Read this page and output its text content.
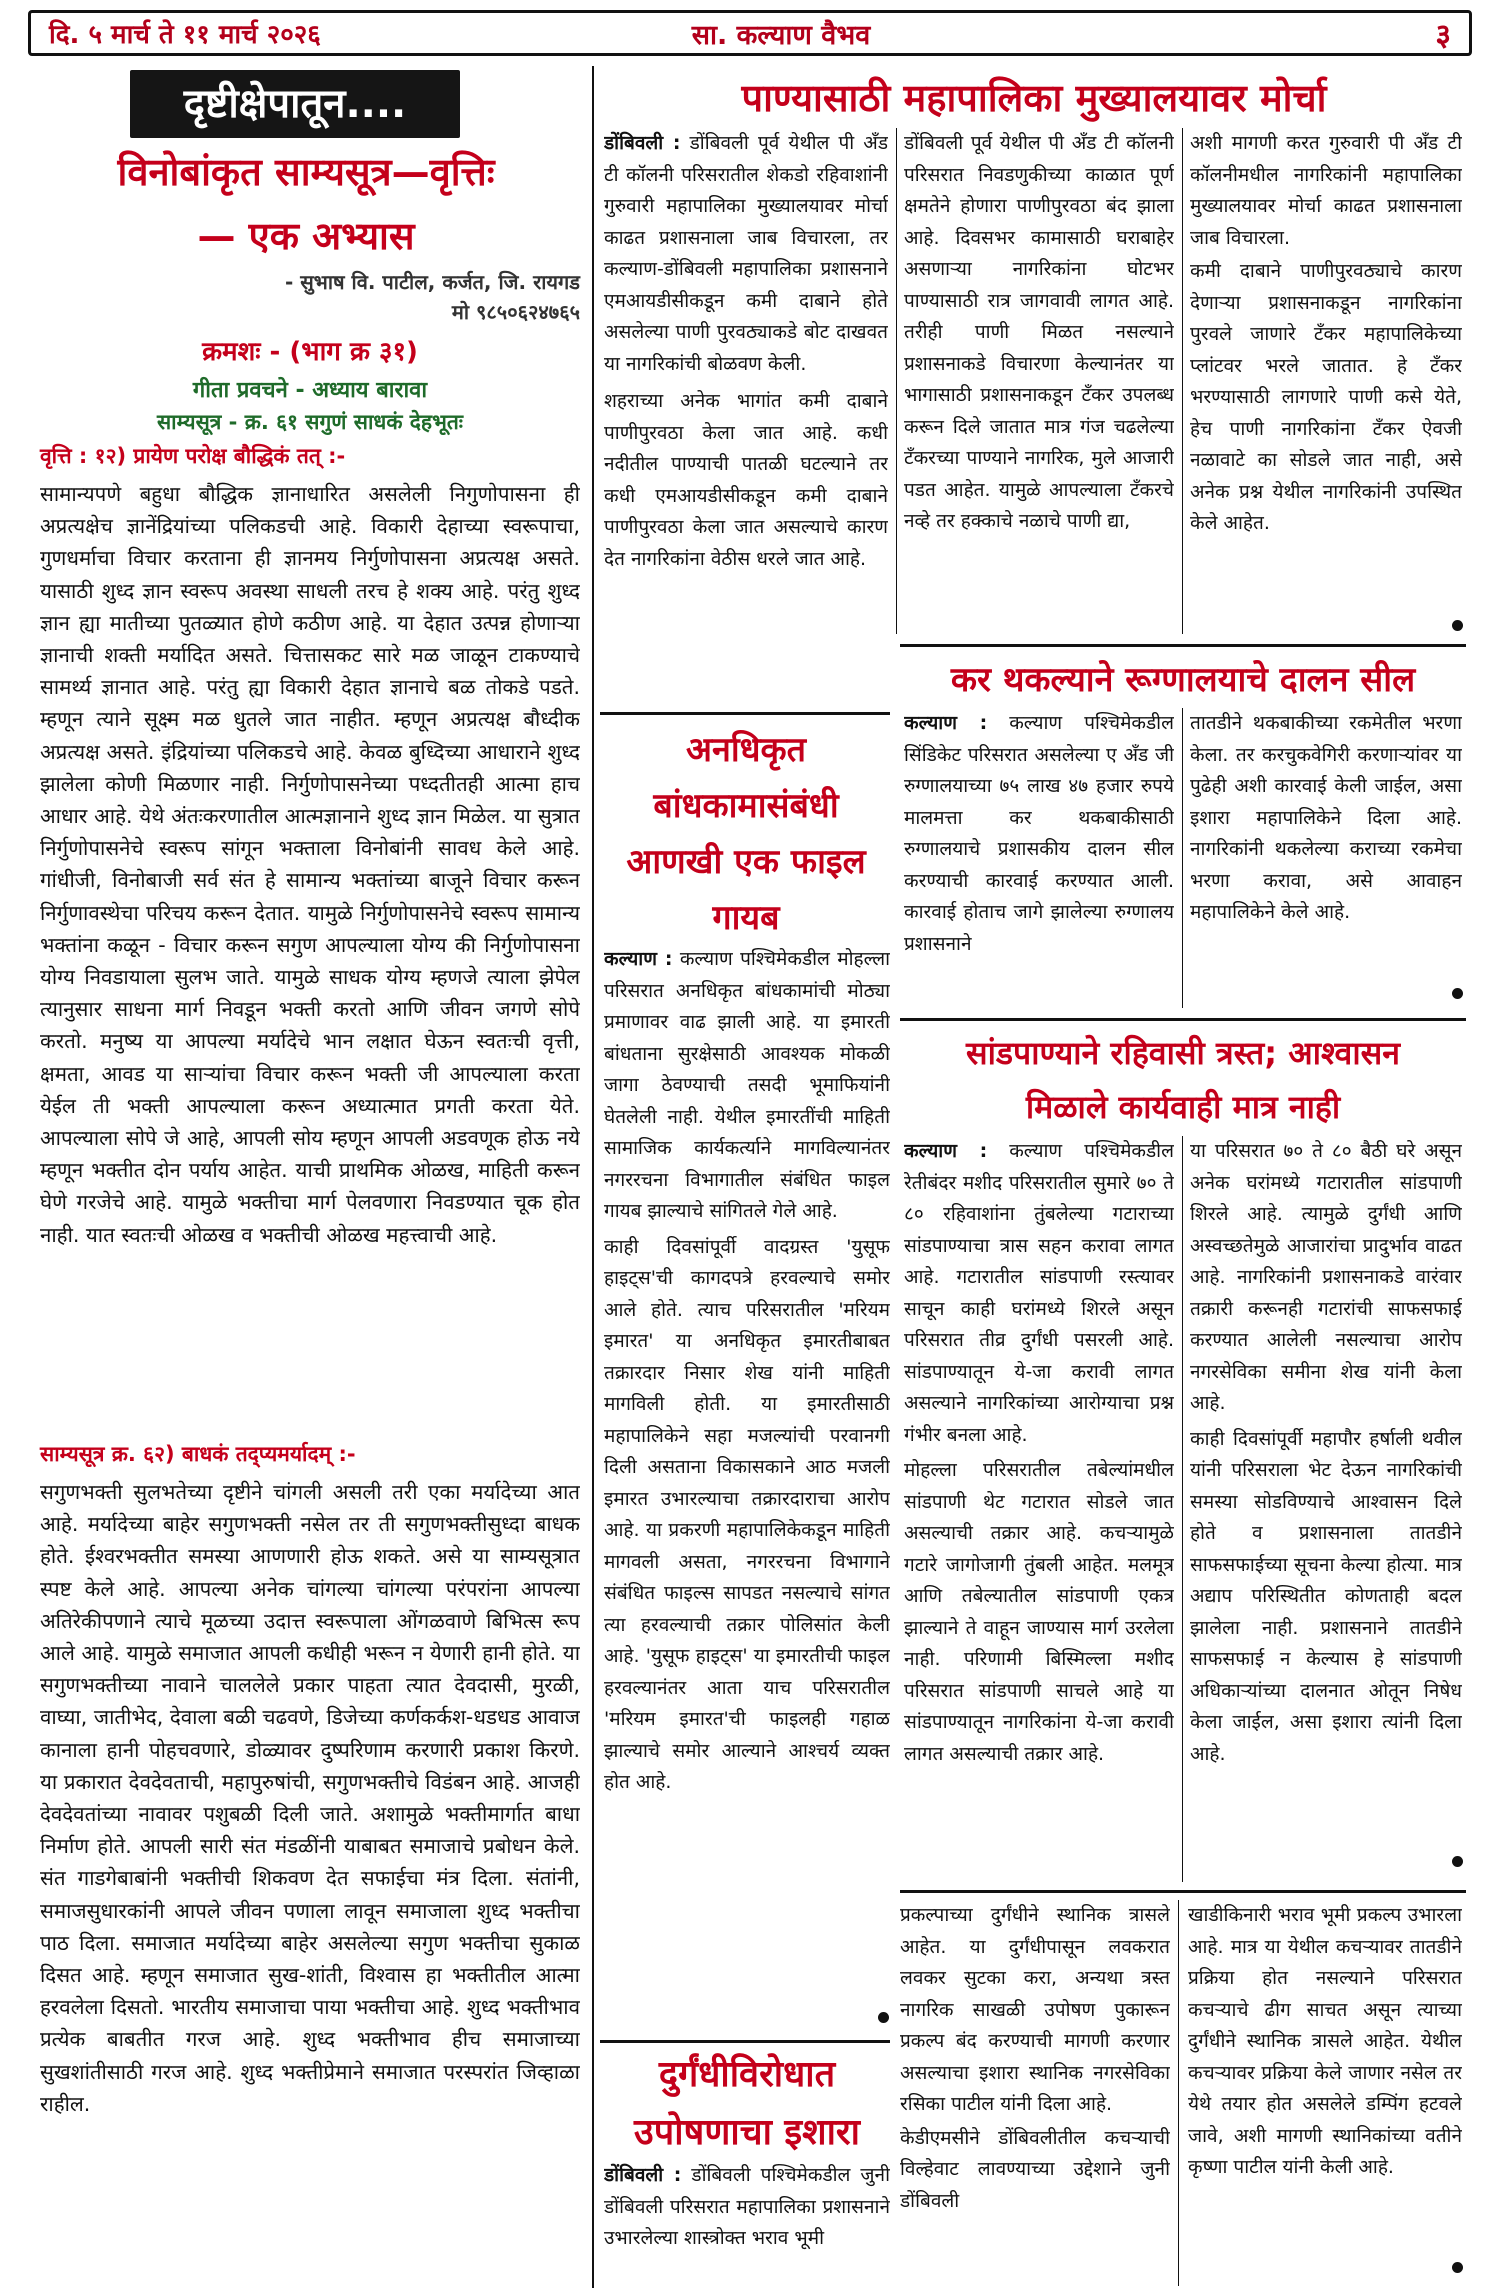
दि. ५ मार्च ते ११ मार्च २०२६	सा. कल्याण वैभव	३
दृष्टीक्षेपातून....
विनोबांकृत साम्यसूत्र—वृत्तिः
— एक अभ्यास
- सुभाष वि. पाटील, कर्जत, जि. रायगड
मो ९८५०६२४७६५
क्रमशः - (भाग क्र ३१)
गीता प्रवचने - अध्याय बारावा
साम्यसूत्र - क्र. ६१ सगुणं साधकं देहभूतः
वृत्ति : १२) प्रायेण परोक्ष बौद्धिकं तत् :-

सामान्यपणे बहुधा बौद्धिक ज्ञानाधारित असलेली निगुणोपासना ही अप्रत्यक्षेच ज्ञानेंद्रियांच्या पलिकडची आहे. विकारी देहाच्या स्वरूपाचा, गुणधर्माचा विचार करताना ही ज्ञानमय निर्गुणोपासना अप्रत्यक्ष असते. यासाठी शुध्द ज्ञान स्वरूप अवस्था साधली तरच हे शक्य आहे. परंतु शुध्द ज्ञान ह्या मातीच्या पुतळ्यात होणे कठीण आहे. या देहात उत्पन्न होणाऱ्या ज्ञानाची शक्ती मर्यादित असते. चित्तासकट सारे मळ जाळून टाकण्याचे सामर्थ्य ज्ञानात आहे. परंतु ह्या विकारी देहात ज्ञानाचे बळ तोकडे पडते. म्हणून त्याने सूक्ष्म मळ धुतले जात नाहीत. म्हणून अप्रत्यक्ष बौध्दीक अप्रत्यक्ष असते. इंद्रियांच्या पलिकडचे आहे. केवळ बुध्दिच्या आधाराने शुध्द झालेला कोणी मिळणार नाही. निर्गुणोपासनेच्या पध्दतीतही आत्मा हाच आधार आहे. येथे अंतःकरणातील आत्मज्ञानाने शुध्द ज्ञान मिळेल. या सुत्रात निर्गुणोपासनेचे स्वरूप सांगून भक्ताला विनोबांनी सावध केले आहे. गांधीजी, विनोबाजी सर्व संत हे सामान्य भक्तांच्या बाजूने विचार करून निर्गुणावस्थेचा परिचय करून देतात. यामुळे निर्गुणोपासनेचे स्वरूप सामान्य भक्तांना कळून - विचार करून सगुण आपल्याला योग्य की निर्गुणोपासना योग्य निवडायाला सुलभ जाते. यामुळे साधक योग्य म्हणजे त्याला झेपेल त्यानुसार साधना मार्ग निवडून भक्ती करतो आणि जीवन जगणे सोपे करतो. मनुष्य या आपल्या मर्यादेचे भान लक्षात घेऊन स्वतःची वृत्ती, क्षमता, आवड या साऱ्यांचा विचार करून भक्ती जी आपल्याला करता येईल ती भक्ती आपल्याला करून अध्यात्मात प्रगती करता येते. आपल्याला सोपे जे आहे, आपली सोय म्हणून आपली अडवणूक होऊ नये म्हणून भक्तीत दोन पर्याय आहेत. याची प्राथमिक ओळख, माहिती करून घेणे गरजेचे आहे. यामुळे भक्तीचा मार्ग पेलवणारा निवडण्यात चूक होत नाही. यात स्वतःची ओळख व भक्तीची ओळख महत्त्वाची आहे.

साम्यसूत्र क्र. ६२) बाधकं तद्प्यमर्यादम् :-

सगुणभक्ती सुलभतेच्या दृष्टीने चांगली असली तरी एका मर्यादेच्या आत आहे. मर्यादेच्या बाहेर सगुणभक्ती नसेल तर ती सगुणभक्तीसुध्दा बाधक होते. ईश्वरभक्तीत समस्या आणणारी होऊ शकते. असे या साम्यसूत्रात स्पष्ट केले आहे. आपल्या अनेक चांगल्या चांगल्या परंपरांना आपल्या अतिरेकीपणाने त्याचे मूळच्या उदात्त स्वरूपाला ओंगळवाणे बिभित्स रूप आले आहे. यामुळे समाजात आपली कधीही भरून न येणारी हानी होते. या सगुणभक्तीच्या नावाने चाललेले प्रकार पाहता त्यात देवदासी, मुरळी, वाघ्या, जातीभेद, देवाला बळी चढवणे, डिजेच्या कर्णकर्कश-धडधड आवाज कानाला हानी पोहचवणारे, डोळ्यावर दुष्परिणाम करणारी प्रकाश किरणे. या प्रकारात देवदेवताची, महापुरुषांची, सगुणभक्तीचे विडंबन आहे. आजही देवदेवतांच्या नावावर पशुबळी दिली जाते. अशामुळे भक्तीमार्गात बाधा निर्माण होते. आपली सारी संत मंडळींनी याबाबत समाजाचे प्रबोधन केले. संत गाडगेबाबांनी भक्तीची शिकवण देत सफाईचा मंत्र दिला. संतांनी, समाजसुधारकांनी आपले जीवन पणाला लावून समाजाला शुध्द भक्तीचा पाठ दिला. समाजात मर्यादेच्या बाहेर असलेल्या सगुण भक्तीचा सुकाळ दिसत आहे. म्हणून समाजात सुख-शांती, विश्वास हा भक्तीतील आत्मा हरवलेला दिसतो. भारतीय समाजाचा पाया भक्तीचा आहे. शुध्द भक्तीभाव प्रत्येक बाबतीत गरज आहे. शुध्द भक्तीभाव हीच समाजाच्या सुखशांतीसाठी गरज आहे. शुध्द भक्तीप्रेमाने समाजात परस्परांत जिव्हाळा राहील.

पाण्यासाठी महापालिका मुख्यालयावर मोर्चा

डोंबिवली : डोंबिवली पूर्व येथील पी अँड टी कॉलनी परिसरातील शेकडो रहिवाशांनी गुरुवारी महापालिका मुख्यालयावर मोर्चा काढत प्रशासनाला जाब विचारला, तर कल्याण-डोंबिवली महापालिका प्रशासनाने एमआयडीसीकडून कमी दाबाने होते असलेल्या पाणी पुरवठ्याकडे बोट दाखवत या नागरिकांची बोळवण केली.

शहराच्या अनेक भागांत कमी दाबाने पाणीपुरवठा केला जात आहे. कधी नदीतील पाण्याची पातळी घटल्याने तर कधी एमआयडीसीकडून कमी दाबाने पाणीपुरवठा केला जात असल्याचे कारण देत नागरिकांना वेठीस धरले जात आहे.

डोंबिवली पूर्व येथील पी अँड टी कॉलनी परिसरात निवडणुकीच्या काळात पूर्ण क्षमतेने होणारा पाणीपुरवठा बंद झाला आहे. दिवसभर कामासाठी घराबाहेर असणाऱ्या नागरिकांना घोटभर पाण्यासाठी रात्र जागवावी लागत आहे. तरीही पाणी मिळत नसल्याने प्रशासनाकडे विचारणा केल्यानंतर या भागासाठी प्रशासनाकडून टँकर उपलब्ध करून दिले जातात मात्र गंज चढलेल्या टँकरच्या पाण्याने नागरिक, मुले आजारी पडत आहेत. यामुळे आपल्याला टँकरचे नव्हे तर हक्काचे नळाचे पाणी द्या,

अशी मागणी करत गुरुवारी पी अँड टी कॉलनीमधील नागरिकांनी महापालिका मुख्यालयावर मोर्चा काढत प्रशासनाला जाब विचारला.

कमी दाबाने पाणीपुरवठ्याचे कारण देणाऱ्या प्रशासनाकडून नागरिकांना पुरवले जाणारे टँकर महापालिकेच्या प्लांटवर भरले जातात. हे टँकर भरण्यासाठी लागणारे पाणी कसे येते, हेच पाणी नागरिकांना टँकर ऐवजी नळावाटे का सोडले जात नाही, असे अनेक प्रश्न येथील नागरिकांनी उपस्थित केले आहेत.

अनधिकृत बांधकामासंबंधी आणखी एक फाइल गायब

कल्याण : कल्याण पश्चिमेकडील मोहल्ला परिसरात अनधिकृत बांधकामांची मोठ्या प्रमाणावर वाढ झाली आहे. या इमारती बांधताना सुरक्षेसाठी आवश्यक मोकळी जागा ठेवण्याची तसदी भूमाफियांनी घेतलेली नाही. येथील इमारतींची माहिती सामाजिक कार्यकर्त्याने मागविल्यानंतर नगररचना विभागातील संबंधित फाइल गायब झाल्याचे सांगितले गेले आहे.

काही दिवसांपूर्वी वादग्रस्त 'युसूफ हाइट्स'ची कागदपत्रे हरवल्याचे समोर आले होते. त्याच परिसरातील 'मरियम इमारत' या अनधिकृत इमारतीबाबत तक्रारदार निसार शेख यांनी माहिती मागविली होती. या इमारतीसाठी महापालिकेने सहा मजल्यांची परवानगी दिली असताना विकासकाने आठ मजली इमारत उभारल्याचा तक्रारदाराचा आरोप आहे. या प्रकरणी महापालिकेकडून माहिती मागवली असता, नगररचना विभागाने संबंधित फाइल्स सापडत नसल्याचे सांगत त्या हरवल्याची तक्रार पोलिसांत केली आहे. 'युसूफ हाइट्स' या इमारतीची फाइल हरवल्यानंतर आता याच परिसरातील 'मरियम इमारत'ची फाइलही गहाळ झाल्याचे समोर आल्याने आश्चर्य व्यक्त होत आहे.

दुर्गंधीविरोधात
उपोषणाचा इशारा

डोंबिवली : डोंबिवली पश्चिमेकडील जुनी डोंबिवली परिसरात महापालिका प्रशासनाने उभारलेल्या शास्त्रोक्त भराव भूमी

प्रकल्पाच्या दुर्गंधीने स्थानिक त्रासले आहेत. या दुर्गंधीपासून लवकरात लवकर सुटका करा, अन्यथा त्रस्त नागरिक साखळी उपोषण पुकारून प्रकल्प बंद करण्याची मागणी करणार असल्याचा इशारा स्थानिक नगरसेविका रसिका पाटील यांनी दिला आहे.

केडीएमसीने डोंबिवलीतील कचऱ्याची विल्हेवाट लावण्याच्या उद्देशाने जुनी डोंबिवली

खाडीकिनारी भराव भूमी प्रकल्प उभारला आहे. मात्र या येथील कचऱ्यावर तातडीने प्रक्रिया होत नसल्याने परिसरात कचऱ्याचे ढीग साचत असून त्याच्या दुर्गंधीने स्थानिक त्रासले आहेत. येथील कचऱ्यावर प्रक्रिया केले जाणार नसेल तर येथे तयार होत असलेले डम्पिंग हटवले जावे, अशी मागणी स्थानिकांच्या वतीने कृष्णा पाटील यांनी केली आहे.

कर थकल्याने रूग्णालयाचे दालन सील

कल्याण : कल्याण पश्चिमेकडील सिंडिकेट परिसरात असलेल्या ए अँड जी रुग्णालयाच्या ७५ लाख ४७ हजार रुपये मालमत्ता कर थकबाकीसाठी रुग्णालयाचे प्रशासकीय दालन सील करण्याची कारवाई करण्यात आली. कारवाई होताच जागे झालेल्या रुग्णालय प्रशासनाने

तातडीने थकबाकीच्या रकमेतील भरणा केला. तर करचुकवेगिरी करणाऱ्यांवर या पुढेही अशी कारवाई केली जाईल, असा इशारा महापालिकेने दिला आहे. नागरिकांनी थकलेल्या कराच्या रकमेचा भरणा करावा, असे आवाहन महापालिकेने केले आहे.

सांडपाण्याने रहिवासी त्रस्त; आश्वासन
मिळाले कार्यवाही मात्र नाही

कल्याण : कल्याण पश्चिमेकडील रेतीबंदर मशीद परिसरातील सुमारे ७० ते ८० रहिवाशांना तुंबलेल्या गटाराच्या सांडपाण्याचा त्रास सहन करावा लागत आहे. गटारातील सांडपाणी रस्त्यावर साचून काही घरांमध्ये शिरले असून परिसरात तीव्र दुर्गंधी पसरली आहे. सांडपाण्यातून ये-जा करावी लागत असल्याने नागरिकांच्या आरोग्याचा प्रश्न गंभीर बनला आहे.

मोहल्ला परिसरातील तबेल्यांमधील सांडपाणी थेट गटारात सोडले जात असल्याची तक्रार आहे. कचऱ्यामुळे गटारे जागोजागी तुंबली आहेत. मलमूत्र आणि तबेल्यातील सांडपाणी एकत्र झाल्याने ते वाहून जाण्यास मार्ग उरलेला नाही. परिणामी बिस्मिल्ला मशीद परिसरात सांडपाणी साचले आहे या सांडपाण्यातून नागरिकांना ये-जा करावी लागत असल्याची तक्रार आहे.

या परिसरात ७० ते ८० बैठी घरे असून अनेक घरांमध्ये गटारातील सांडपाणी शिरले आहे. त्यामुळे दुर्गंधी आणि अस्वच्छतेमुळे आजारांचा प्रादुर्भाव वाढत आहे. नागरिकांनी प्रशासनाकडे वारंवार तक्रारी करूनही गटारांची साफसफाई करण्यात आलेली नसल्याचा आरोप नगरसेविका समीना शेख यांनी केला आहे.

काही दिवसांपूर्वी महापौर हर्षाली थवील यांनी परिसराला भेट देऊन नागरिकांची समस्या सोडविण्याचे आश्वासन दिले होते व प्रशासनाला तातडीने साफसफाईच्या सूचना केल्या होत्या. मात्र अद्याप परिस्थितीत कोणताही बदल झालेला नाही. प्रशासनाने तातडीने साफसफाई न केल्यास हे सांडपाणी अधिकाऱ्यांच्या दालनात ओतून निषेध केला जाईल, असा इशारा त्यांनी दिला आहे.
